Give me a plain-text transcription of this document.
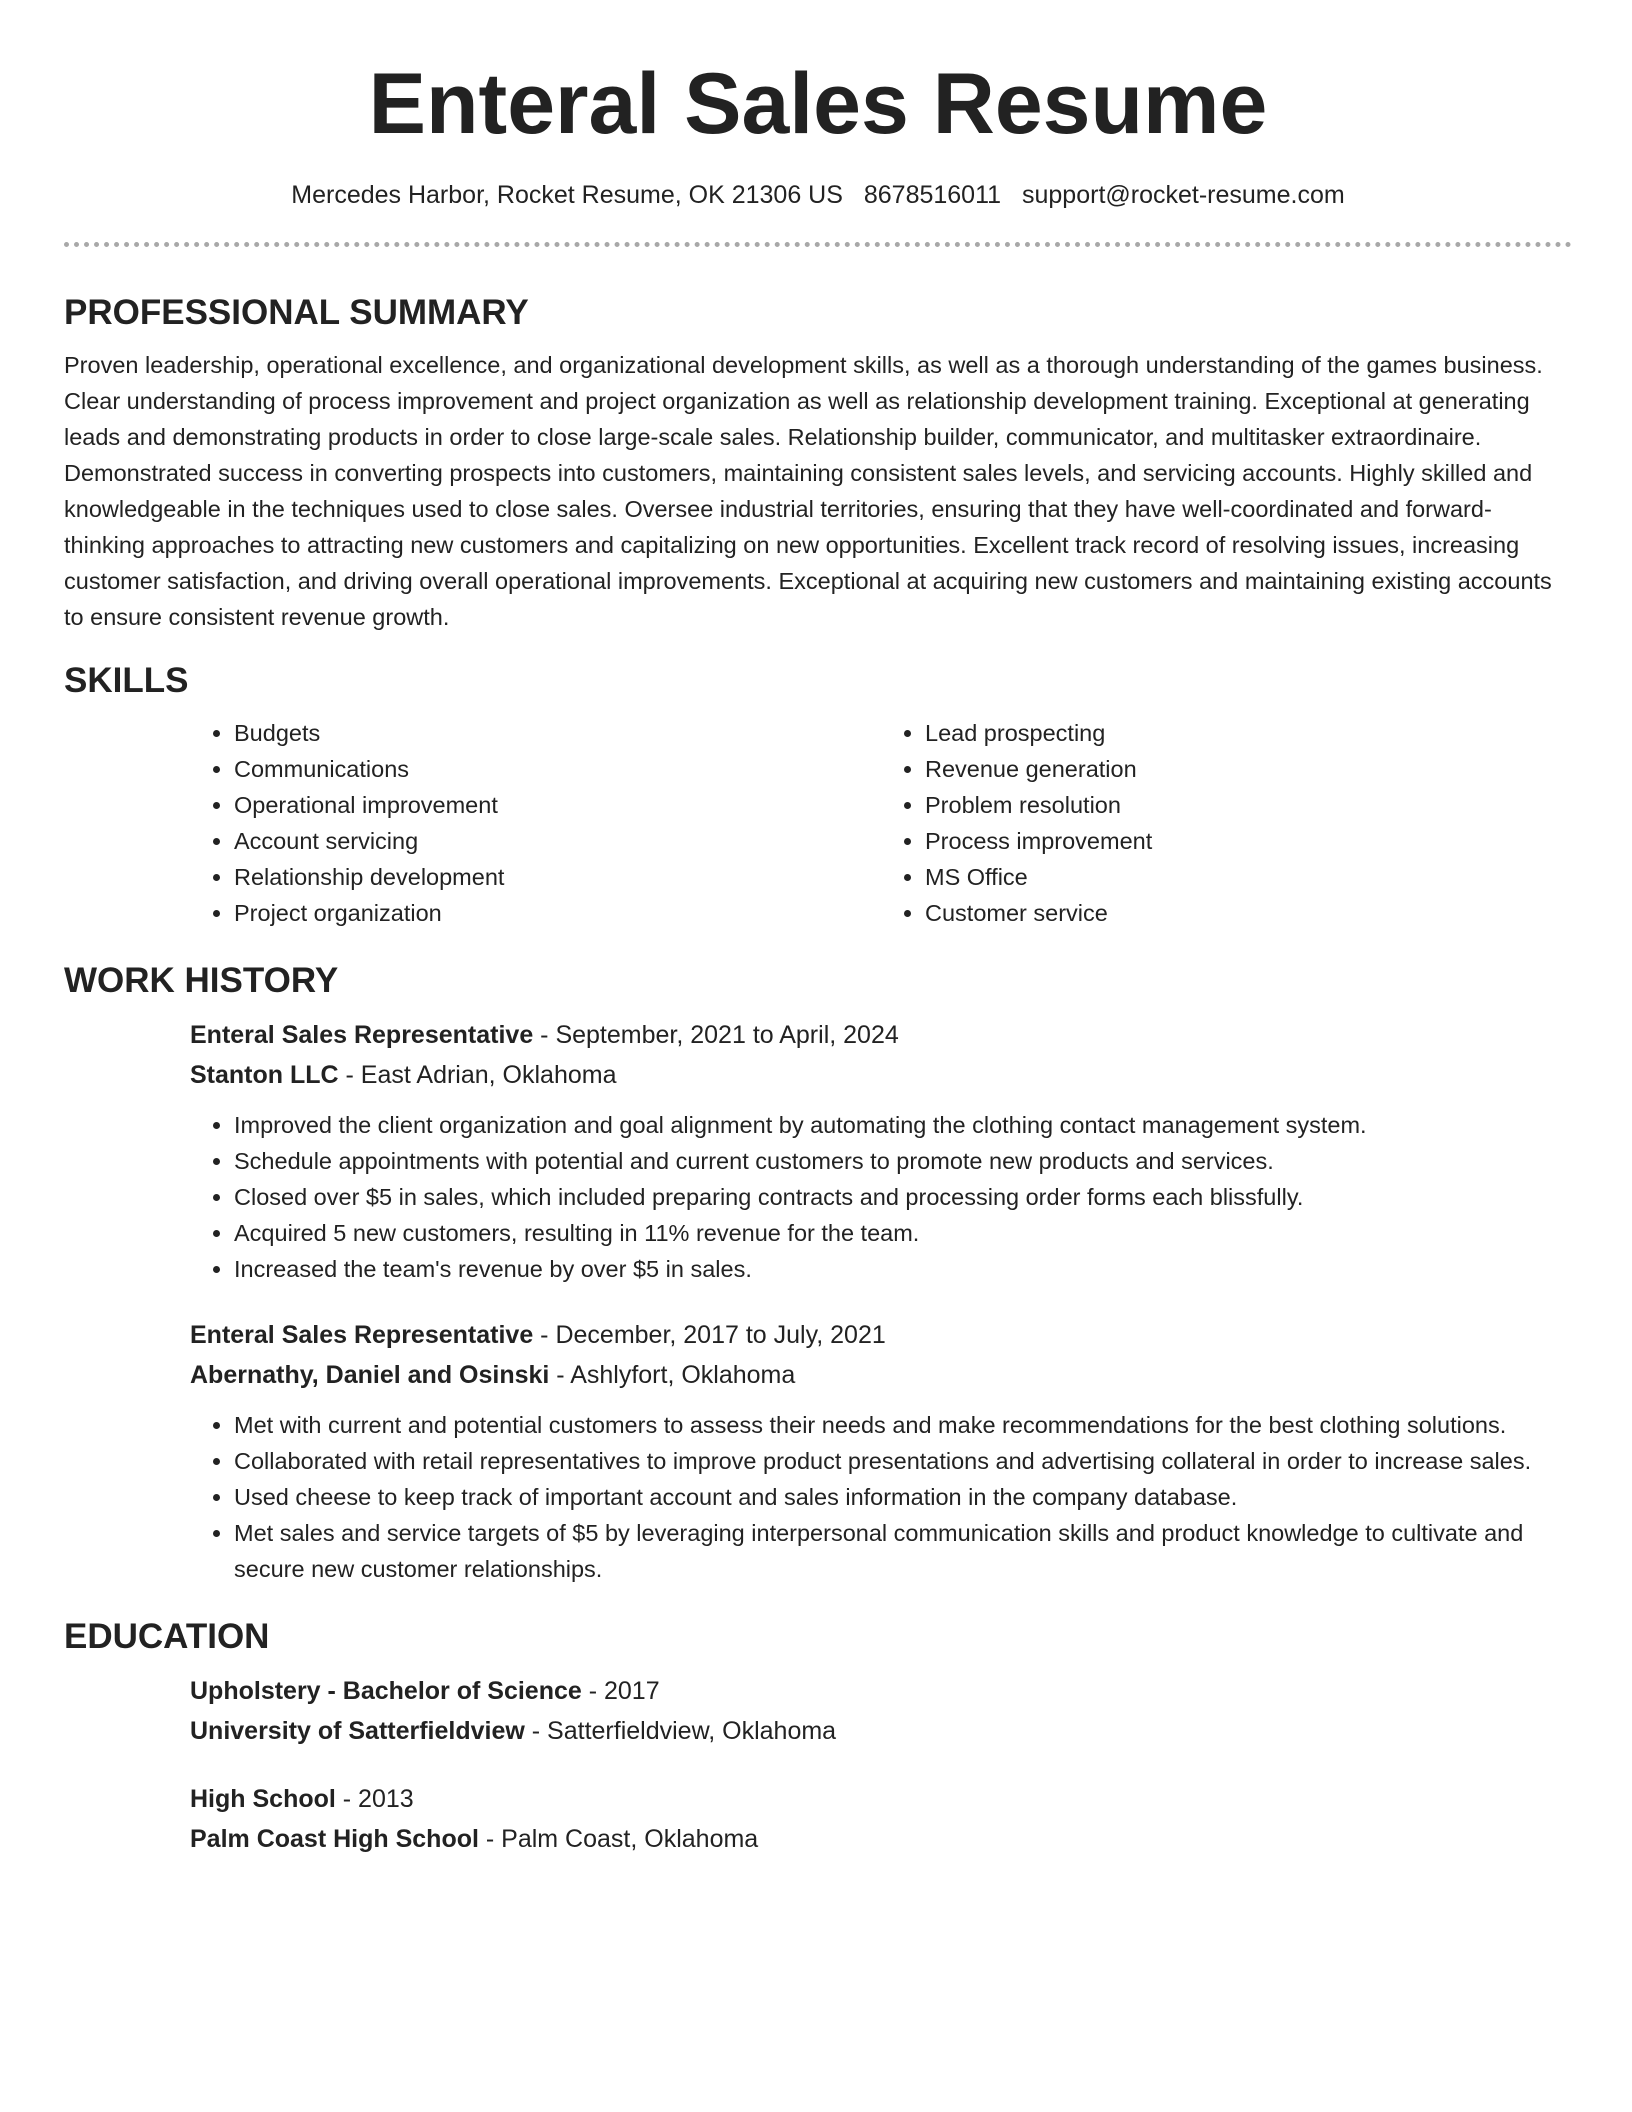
Enteral Sales Resume
Mercedes Harbor, Rocket Resume, OK 21306 US 8678516011 support@rocket-resume.com
PROFESSIONAL SUMMARY

Proven leadership, operational excellence, and organizational development skills, as well as a thorough understanding of the games business. Clear understanding of process improvement and project organization as well as relationship development training. Exceptional at generating leads and demonstrating products in order to close large-scale sales. Relationship builder, communicator, and multitasker extraordinaire. Demonstrated success in converting prospects into customers, maintaining consistent sales levels, and servicing accounts. Highly skilled and knowledgeable in the techniques used to close sales. Oversee industrial territories, ensuring that they have well-coordinated and forward-thinking approaches to attracting new customers and capitalizing on new opportunities. Excellent track record of resolving issues, increasing customer satisfaction, and driving overall operational improvements. Exceptional at acquiring new customers and maintaining existing accounts to ensure consistent revenue growth.

SKILLS
• Budgets
• Communications
• Operational improvement
• Account servicing
• Relationship development
• Project organization
• Lead prospecting
• Revenue generation
• Problem resolution
• Process improvement
• MS Office
• Customer service
WORK HISTORY
Enteral Sales Representative - September, 2021 to April, 2024
Stanton LLC - East Adrian, Oklahoma
• Improved the client organization and goal alignment by automating the clothing contact management system.
• Schedule appointments with potential and current customers to promote new products and services.
• Closed over $5 in sales, which included preparing contracts and processing order forms each blissfully.
• Acquired 5 new customers, resulting in 11% revenue for the team.
• Increased the team's revenue by over $5 in sales.
Enteral Sales Representative - December, 2017 to July, 2021
Abernathy, Daniel and Osinski - Ashlyfort, Oklahoma
• Met with current and potential customers to assess their needs and make recommendations for the best clothing solutions.
• Collaborated with retail representatives to improve product presentations and advertising collateral in order to increase sales.
• Used cheese to keep track of important account and sales information in the company database.
• Met sales and service targets of $5 by leveraging interpersonal communication skills and product knowledge to cultivate and secure new customer relationships.
EDUCATION
Upholstery - Bachelor of Science - 2017
University of Satterfieldview - Satterfieldview, Oklahoma
High School - 2013
Palm Coast High School - Palm Coast, Oklahoma
